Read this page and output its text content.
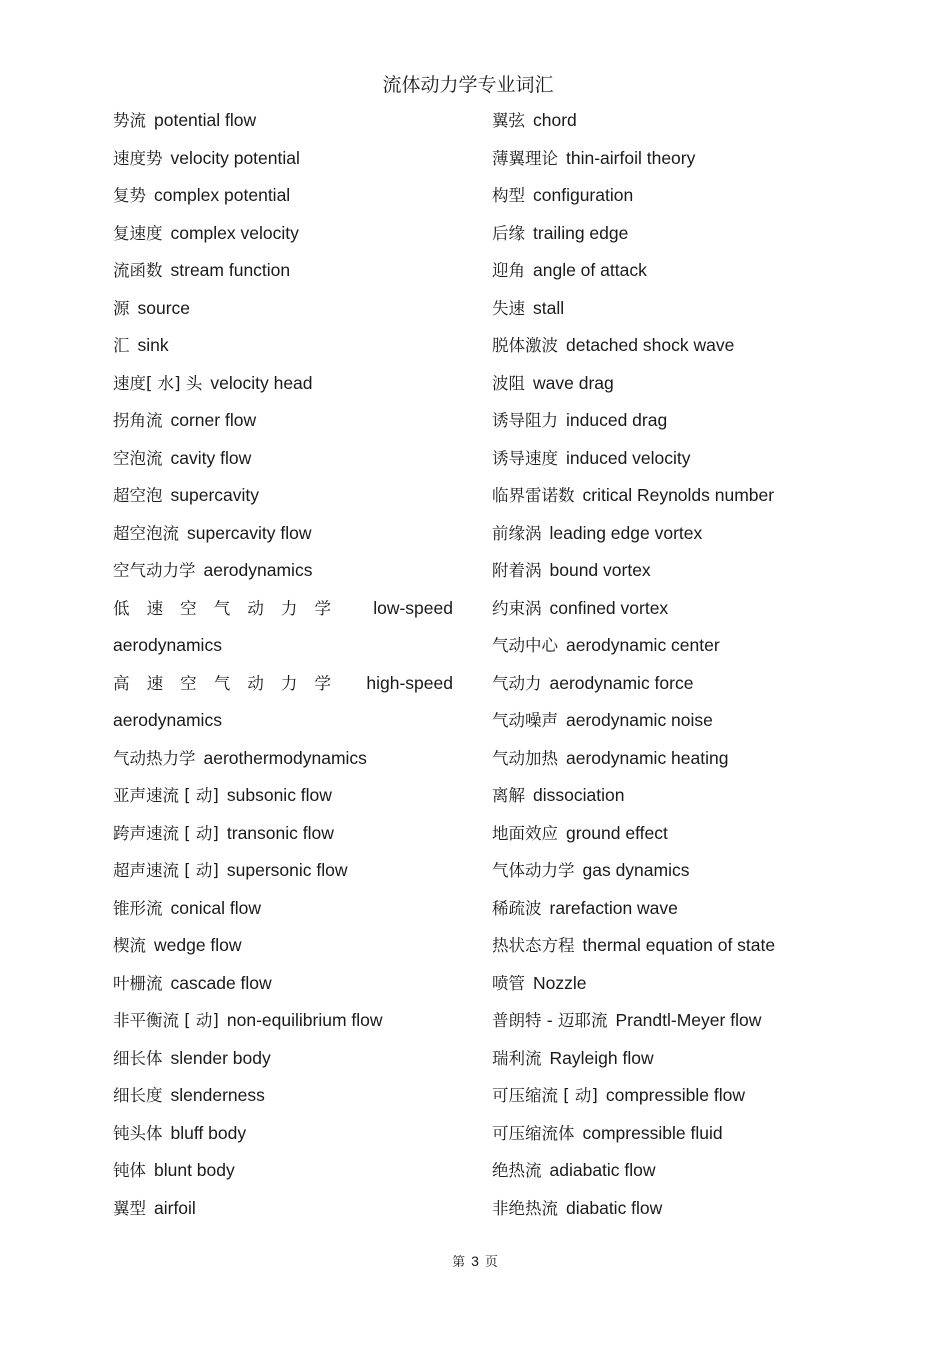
流体动力学专业词汇
势流 potential flow
速度势 velocity potential
复势 complex potential
复速度 complex velocity
流函数 stream function
源 source
汇 sink
速度[ 水] 头 velocity head
拐角流 corner flow
空泡流 cavity flow
超空泡 supercavity
超空泡流 supercavity flow
空气动力学 aerodynamics
低 速 空 气 动 力 学 low-speed
aerodynamics
高 速 空 气 动 力 学 high-speed
aerodynamics
气动热力学 aerothermodynamics
亚声速流 [ 动] subsonic flow
跨声速流 [ 动] transonic flow
超声速流 [ 动] supersonic flow
锥形流 conical flow
楔流 wedge flow
叶栅流 cascade flow
非平衡流 [ 动] non-equilibrium flow
细长体 slender body
细长度 slenderness
钝头体 bluff body
钝体 blunt body
翼型 airfoil
翼弦 chord
薄翼理论 thin-airfoil theory
构型 configuration
后缘 trailing edge
迎角 angle of attack
失速 stall
脱体激波 detached shock wave
波阻 wave drag
诱导阻力 induced drag
诱导速度 induced velocity
临界雷诺数 critical Reynolds number
前缘涡 leading edge vortex
附着涡 bound vortex
约束涡 confined vortex
气动中心 aerodynamic center
气动力 aerodynamic force
气动噪声 aerodynamic noise
气动加热 aerodynamic heating
离解 dissociation
地面效应 ground effect
气体动力学 gas dynamics
稀疏波 rarefaction wave
热状态方程 thermal equation of state
喷管 Nozzle
普朗特 - 迈耶流 Prandtl-Meyer flow
瑞利流 Rayleigh flow
可压缩流 [ 动] compressible flow
可压缩流体 compressible fluid
绝热流 adiabatic flow
非绝热流 diabatic flow
第 3 页
